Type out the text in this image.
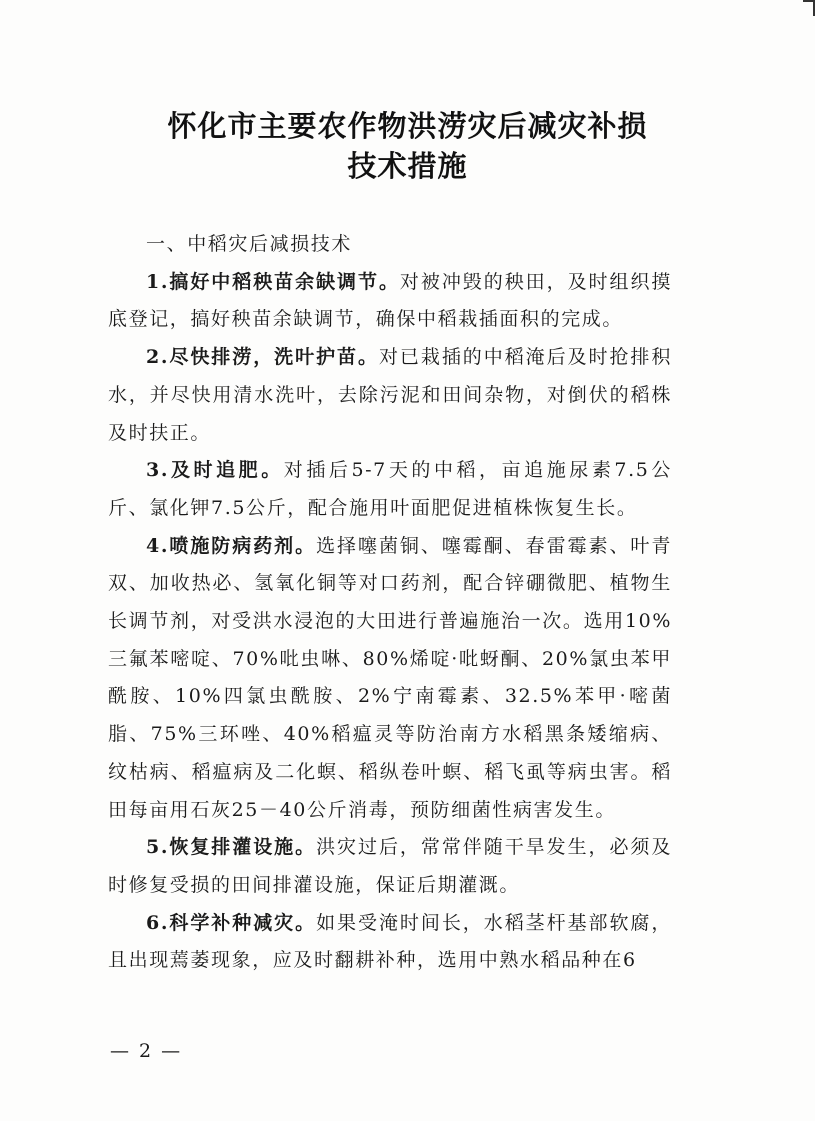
怀化市主要农作物洪涝灾后减灾补损
技术措施

一、中稻灾后减损技术

1.搞好中稻秧苗余缺调节。对被冲毁的秧田，及时组织摸底登记，搞好秧苗余缺调节，确保中稻栽插面积的完成。

2.尽快排涝，洗叶护苗。对已栽插的中稻淹后及时抢排积水，并尽快用清水洗叶，去除污泥和田间杂物，对倒伏的稻株及时扶正。

3.及时追肥。对插后5-7天的中稻，亩追施尿素7.5公斤、氯化钾7.5公斤，配合施用叶面肥促进植株恢复生长。

4.喷施防病药剂。选择噻菌铜、噻霉酮、春雷霉素、叶青双、加收热必、氢氧化铜等对口药剂，配合锌硼微肥、植物生长调节剂，对受洪水浸泡的大田进行普遍施治一次。选用10%三氟苯嘧啶、70%吡虫啉、80%烯啶·吡蚜酮、20%氯虫苯甲酰胺、10%四氯虫酰胺、2%宁南霉素、32.5%苯甲·嘧菌脂、75%三环唑、40%稻瘟灵等防治南方水稻黑条矮缩病、纹枯病、稻瘟病及二化螟、稻纵卷叶螟、稻飞虱等病虫害。稻田每亩用石灰25－40公斤消毒，预防细菌性病害发生。

5.恢复排灌设施。洪灾过后，常常伴随干旱发生，必须及时修复受损的田间排灌设施，保证后期灌溉。

6.科学补种减灾。如果受淹时间长，水稻茎杆基部软腐，且出现蔫萎现象，应及时翻耕补种，选用中熟水稻品种在6

— 2 —
